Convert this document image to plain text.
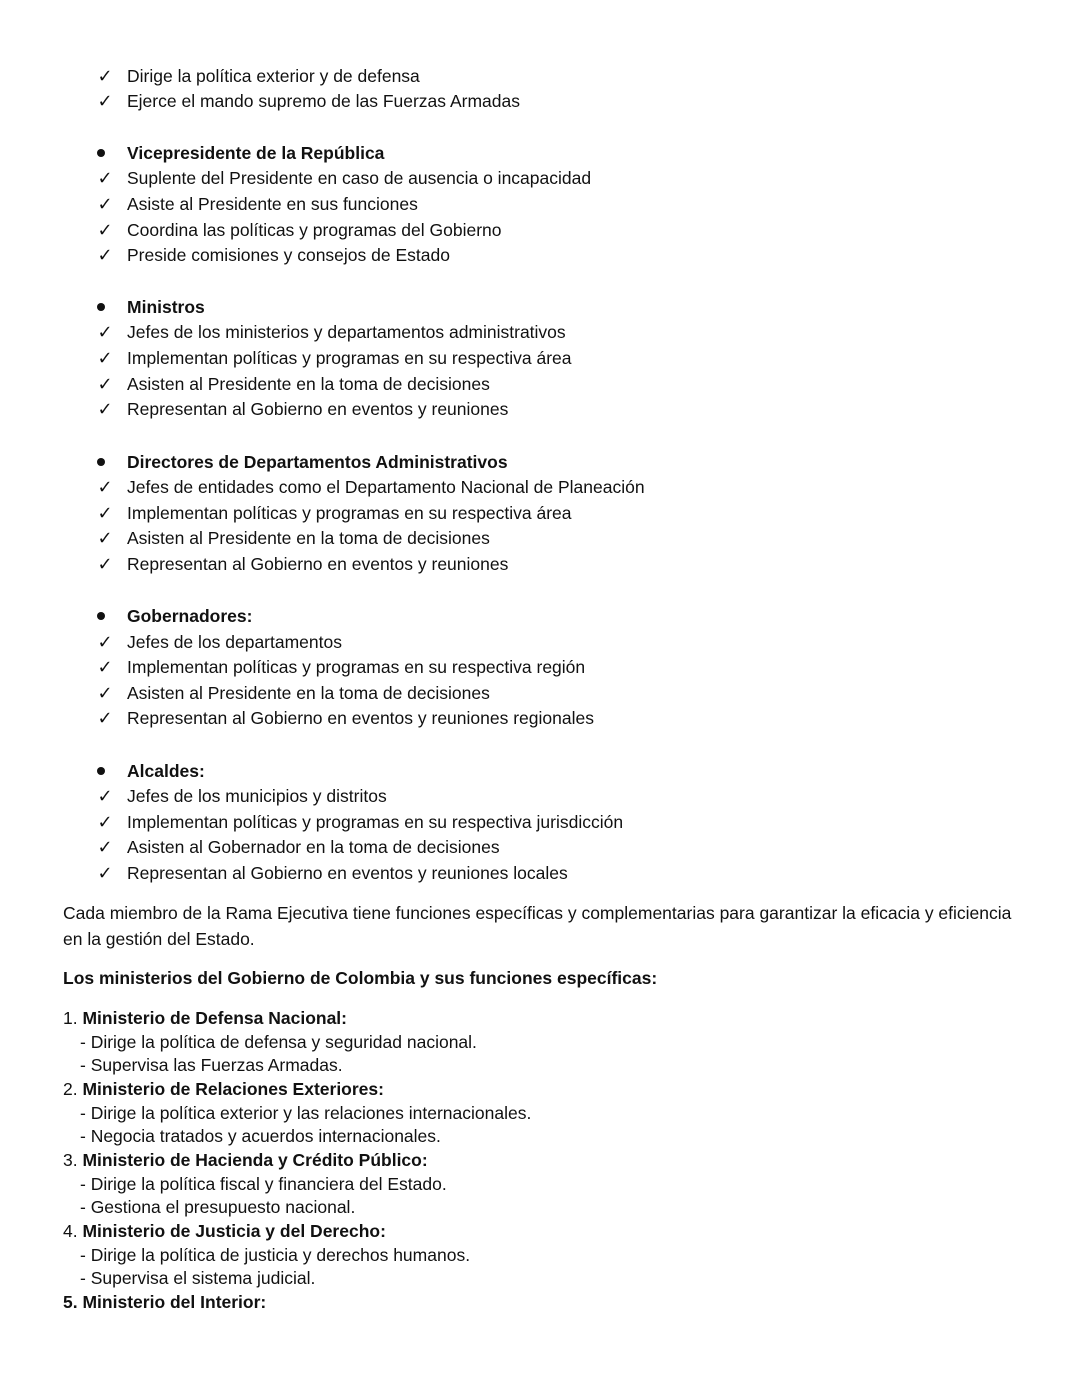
✓ Dirige la política exterior y de defensa
✓ Ejerce el mando supremo de las Fuerzas Armadas
Vicepresidente de la República
✓ Suplente del Presidente en caso de ausencia o incapacidad
✓ Asiste al Presidente en sus funciones
✓ Coordina las políticas y programas del Gobierno
✓ Preside comisiones y consejos de Estado
Ministros
✓ Jefes de los ministerios y departamentos administrativos
✓ Implementan políticas y programas en su respectiva área
✓ Asisten al Presidente en la toma de decisiones
✓ Representan al Gobierno en eventos y reuniones
Directores de Departamentos Administrativos
✓ Jefes de entidades como el Departamento Nacional de Planeación
✓ Implementan políticas y programas en su respectiva área
✓ Asisten al Presidente en la toma de decisiones
✓ Representan al Gobierno en eventos y reuniones
Gobernadores:
✓ Jefes de los departamentos
✓ Implementan políticas y programas en su respectiva región
✓ Asisten al Presidente en la toma de decisiones
✓ Representan al Gobierno en eventos y reuniones regionales
Alcaldes:
✓ Jefes de los municipios y distritos
✓ Implementan políticas y programas en su respectiva jurisdicción
✓ Asisten al Gobernador en la toma de decisiones
✓ Representan al Gobierno en eventos y reuniones locales
Cada miembro de la Rama Ejecutiva tiene funciones específicas y complementarias para garantizar la eficacia y eficiencia en la gestión del Estado.
Los ministerios del Gobierno de Colombia y sus funciones específicas:
1. Ministerio de Defensa Nacional:
- Dirige la política de defensa y seguridad nacional.
- Supervisa las Fuerzas Armadas.
2. Ministerio de Relaciones Exteriores:
- Dirige la política exterior y las relaciones internacionales.
- Negocia tratados y acuerdos internacionales.
3. Ministerio de Hacienda y Crédito Público:
- Dirige la política fiscal y financiera del Estado.
- Gestiona el presupuesto nacional.
4. Ministerio de Justicia y del Derecho:
- Dirige la política de justicia y derechos humanos.
- Supervisa el sistema judicial.
5. Ministerio del Interior:
